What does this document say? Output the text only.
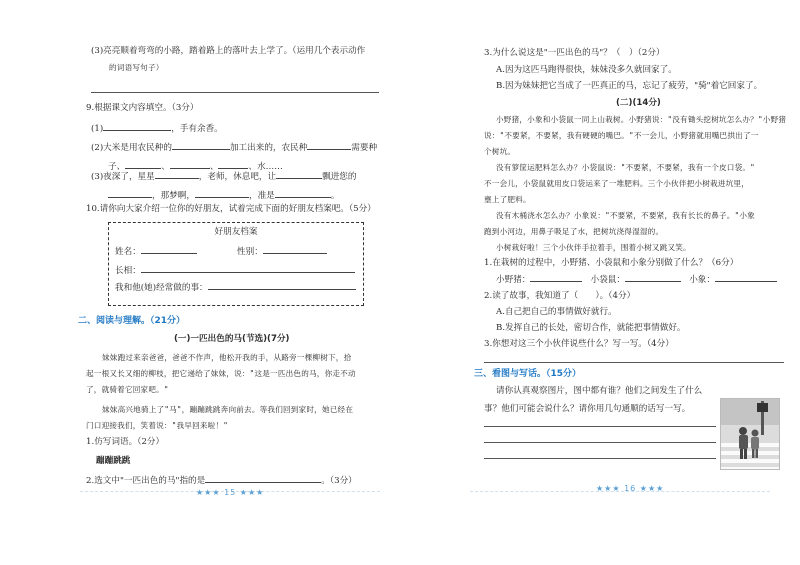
(3)亮亮顺着弯弯的小路，踏着路上的落叶去上学了。（运用几个表示动作
的词语写句子）
9.根据课文内容填空。（3分）
(1)	，手有余香。
(2)大米是用农民种的	加工出来的，农民种	需要种
子、	、	、	、水……
(3)夜深了，星星	，老师，休息吧，让	飘进您的
，那梦啊，	，准是	。
10.请你向大家介绍一位你的好朋友，试着完成下面的好朋友档案吧。（5分）
好朋友档案
姓名：	性别：
长相：
我和他(她)经常做的事：
二、阅读与理解。（21分）
(一)一匹出色的马(节选)(7分)
妹妹跑过来亲爸爸，爸爸不作声，他松开我的手，从路旁一棵柳树下，拾
起一根又长又细的柳枝，把它递给了妹妹，说："这是一匹出色的马，你走不动
了，就骑着它回家吧。"
妹妹高兴地骑上了"马"，蹦蹦跳跳奔向前去。等我们回到家时，她已经在
门口迎接我们，笑着说："我早回来啦！"
1.仿写词语。（2分）
蹦蹦跳跳
2.选文中"一匹出色的马"指的是	。（3分）
★★★ 15 ★★★
3.为什么说这是"一匹出色的马"？（　）（2分）
A.因为这匹马跑得很快，妹妹没多久就回家了。
B.因为妹妹把它当成了一匹真正的马，忘记了疲劳，"骑"着它回家了。
(二)(14分)
小野猪，小象和小袋鼠一同上山栽树。小野猪说："没有锄头挖树坑怎么办？"小野猪
说："不要紧，不要紧，我有硬硬的嘴巴。"不一会儿，小野猪就用嘴巴拱出了一
个树坑。
没有箩筐运肥料怎么办？小袋鼠说："不要紧，不要紧，我有一个皮口袋。"
不一会儿，小袋鼠就用皮口袋运来了一堆肥料。三个小伙伴把小树栽进坑里，
壅上了肥料。
没有木桶浇水怎么办？小象说："不要紧，不要紧，我有长长的鼻子。"小象
跑到小河边，用鼻子吸足了水，把树坑浇得湿湿的。
小树栽好啦！三个小伙伴手拉着手，围着小树又跳又笑。
1.在栽树的过程中，小野猪、小袋鼠和小象分别做了什么？（6分）
小野猪：	小袋鼠：	小象：
2.读了故事，我知道了（　　）。（4分）
A.自己把自己的事情做好就行。
B.发挥自己的长处，密切合作，就能把事情做好。
3.你想对这三个小伙伴说些什么？写一写。（4分）
三、看图与写话。（15分）
请你认真观察图片，图中都有谁？他们之间发生了什么
事？他们可能会说什么？请你用几句通顺的话写一写。
★★★ 16 ★★★
